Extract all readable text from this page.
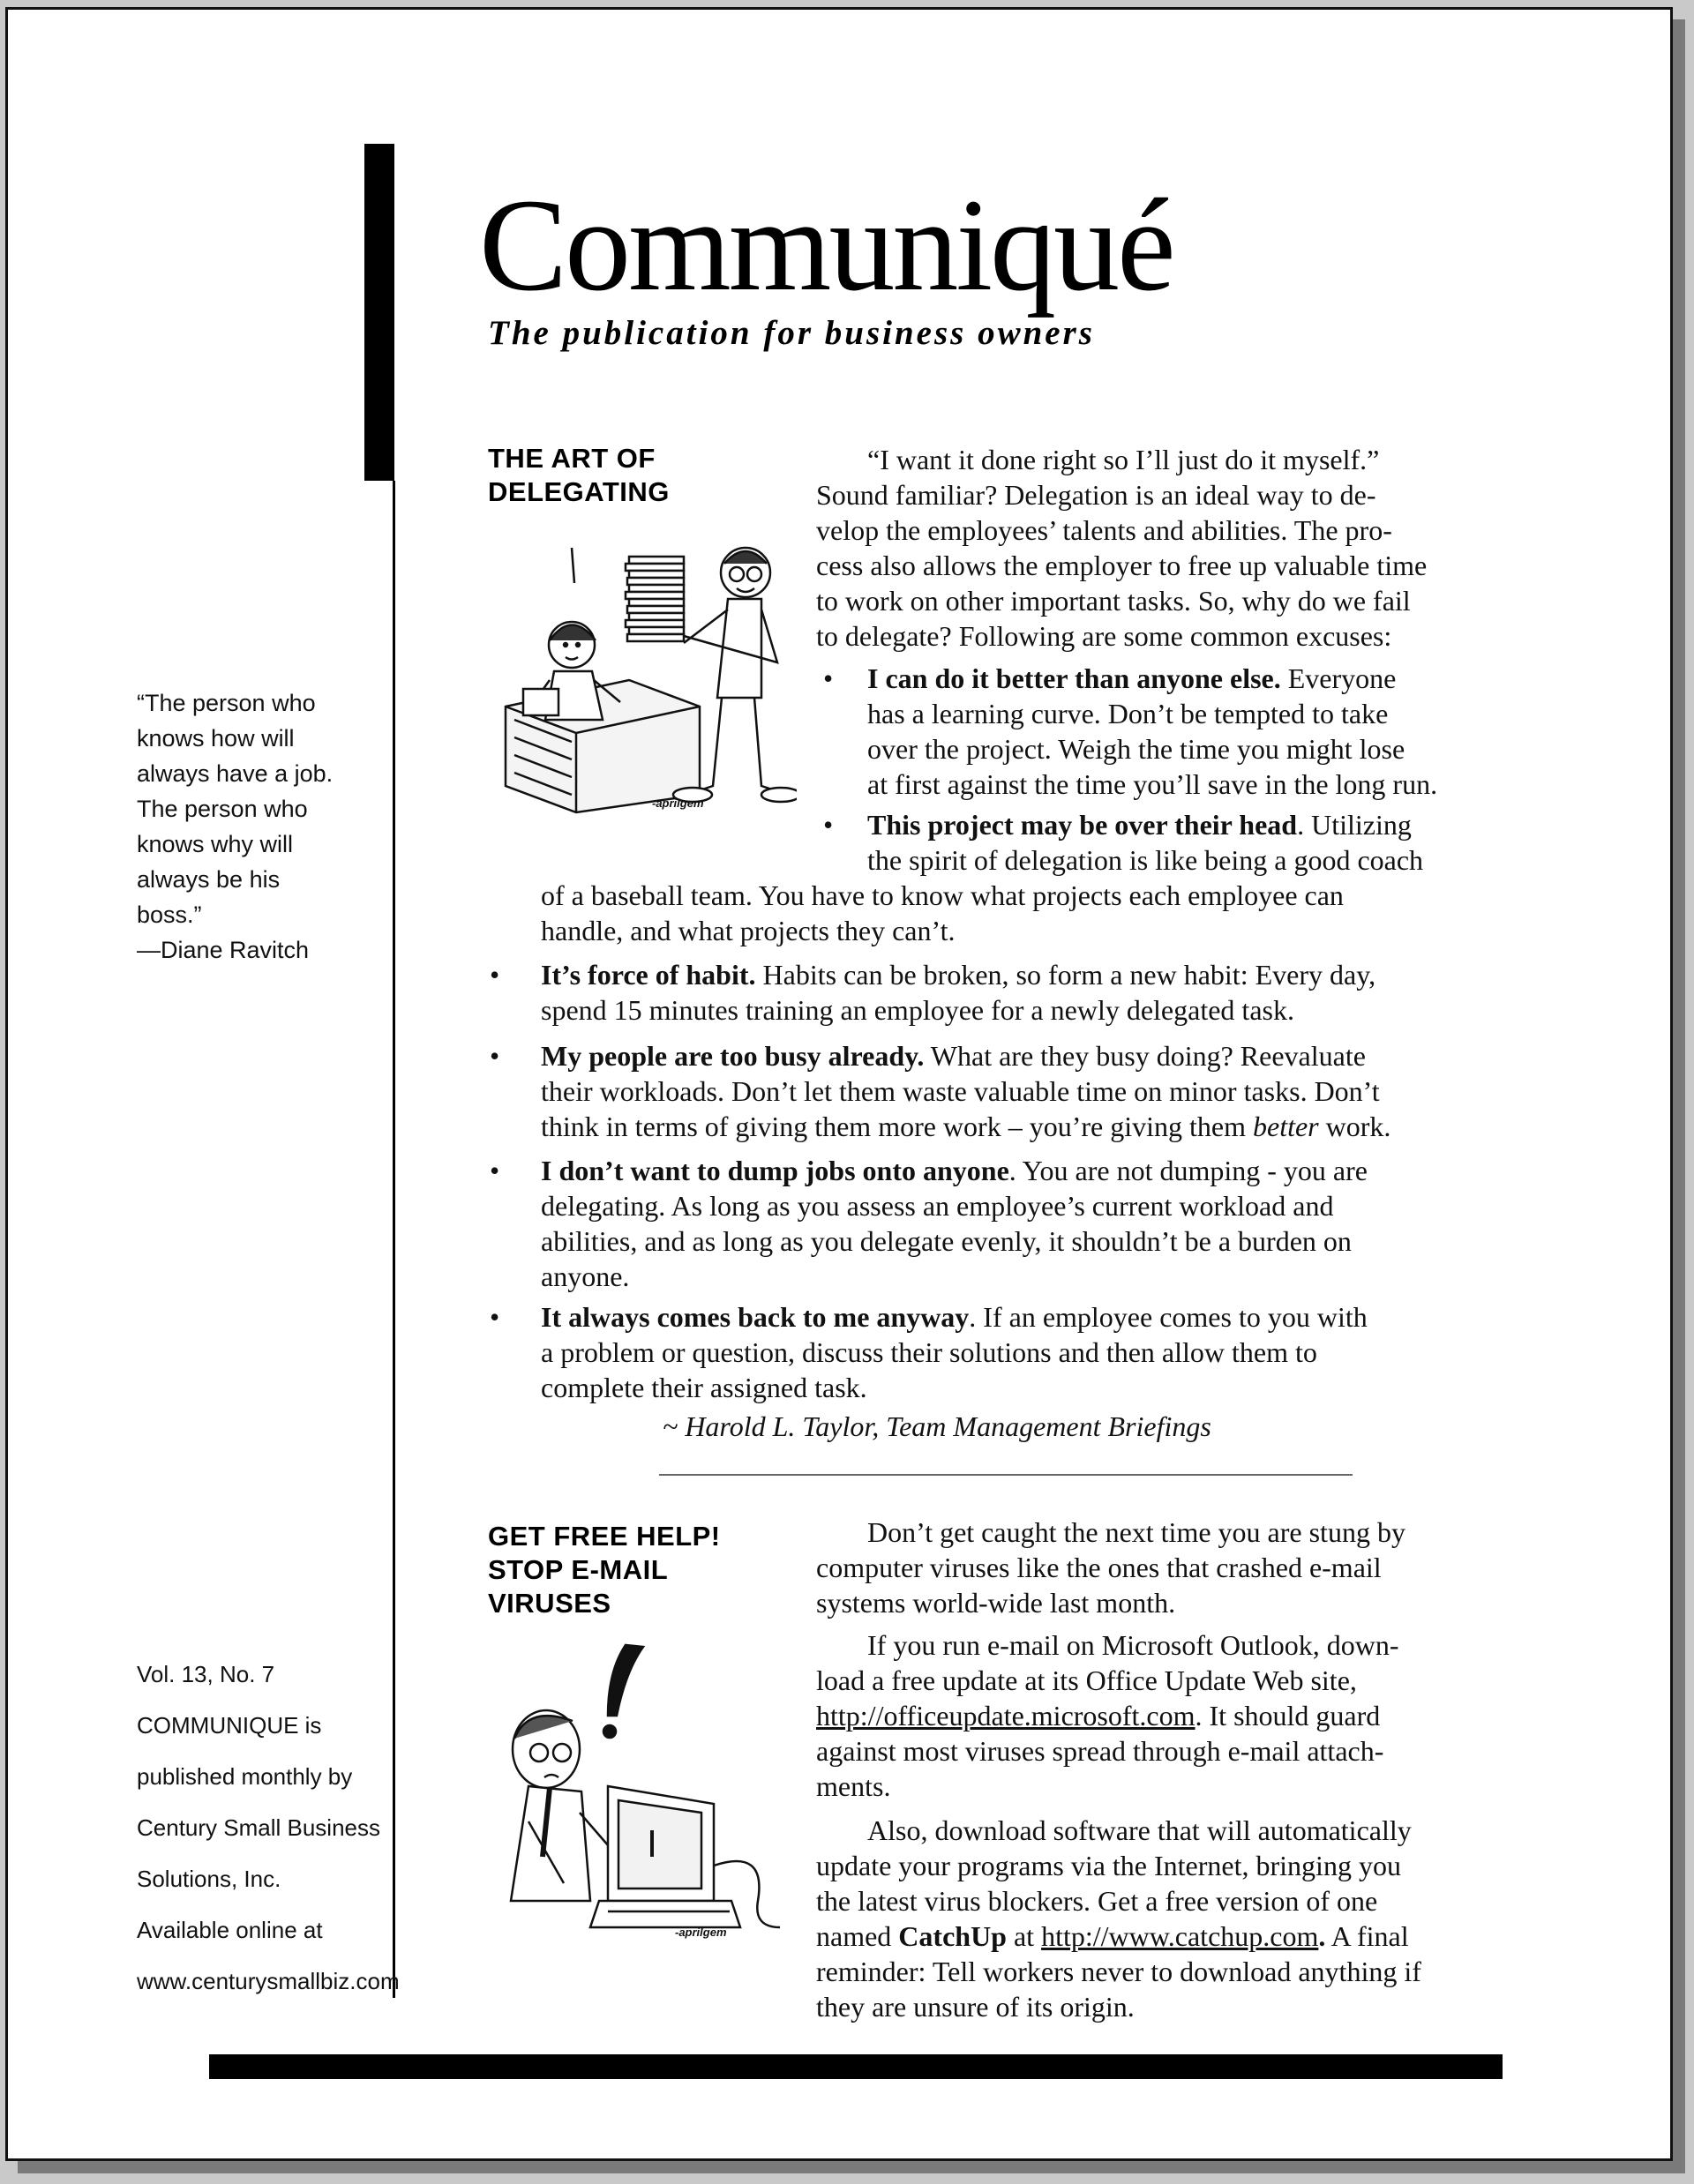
Communiqué
The publication for business owners
“The person who knows how will always have a job. The person who knows why will always be his boss.”
—Diane Ravitch
Vol. 13, No. 7
COMMUNIQUE is
published monthly by
Century Small Business
Solutions, Inc.
Available online at
www.centurysmallbiz.com
THE ART OF
DELEGATING
-aprilgem
“I want it done right so I’ll just do it myself.”
Sound familiar? Delegation is an ideal way to de-
velop the employees’ talents and abilities. The pro-
cess also allows the employer to free up valuable time
to work on other important tasks. So, why do we fail
to delegate? Following are some common excuses:
• I can do it better than anyone else. Everyone
has a learning curve. Don’t be tempted to take
over the project. Weigh the time you might lose
at first against the time you’ll save in the long run.
• This project may be over their head. Utilizing
the spirit of delegation is like being a good coach
of a baseball team. You have to know what projects each employee can
handle, and what projects they can’t.
• It’s force of habit. Habits can be broken, so form a new habit: Every day,
spend 15 minutes training an employee for a newly delegated task.
• My people are too busy already. What are they busy doing? Reevaluate
their workloads. Don’t let them waste valuable time on minor tasks. Don’t
think in terms of giving them more work – you’re giving them better work.
• I don’t want to dump jobs onto anyone. You are not dumping - you are
delegating. As long as you assess an employee’s current workload and
abilities, and as long as you delegate evenly, it shouldn’t be a burden on
anyone.
• It always comes back to me anyway. If an employee comes to you with
a problem or question, discuss their solutions and then allow them to
complete their assigned task.
~ Harold L. Taylor, Team Management Briefings
GET FREE HELP!
STOP E-MAIL
VIRUSES
-aprilgem
Don’t get caught the next time you are stung by
computer viruses like the ones that crashed e-mail
systems world-wide last month.
If you run e-mail on Microsoft Outlook, down-
load a free update at its Office Update Web site,
http://officeupdate.microsoft.com. It should guard
against most viruses spread through e-mail attach-
ments.
Also, download software that will automatically
update your programs via the Internet, bringing you
the latest virus blockers. Get a free version of one
named CatchUp at http://www.catchup.com. A final
reminder: Tell workers never to download anything if
they are unsure of its origin.
